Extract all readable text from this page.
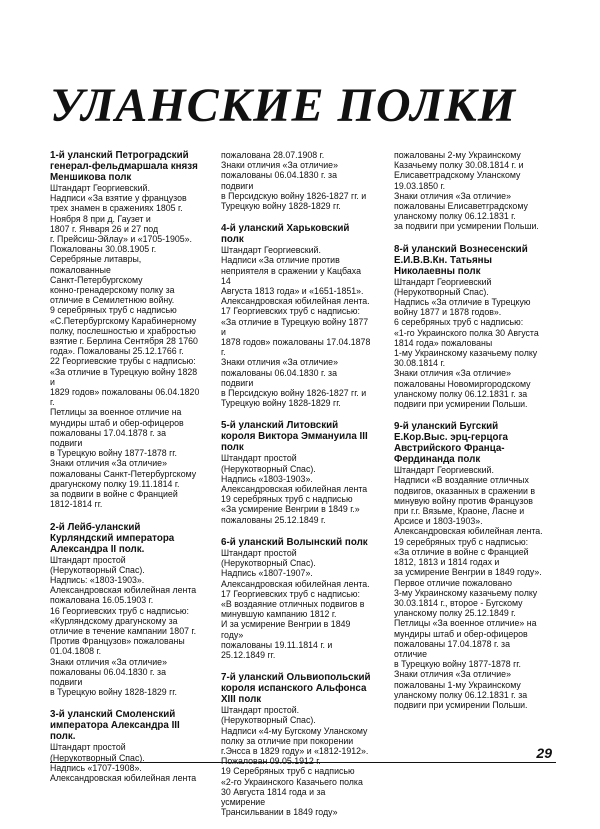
УЛАНСКИЕ ПОЛКИ

1-й уланский Петроградский генерал-фельдмаршала князя Меншикова полк

Штандарт Георгиевский.
Надписи «За взятие у французов
трех знамен в сражениях 1805 г.
Ноября 8 при д. Гаузет и
1807 г. Января 26 и 27 под
г. Прейсиш-Эйлау» и «1705-1905».
Пожалованы 30.08.1905 г.
Серебряные литавры, пожалованные
Санкт-Петербургскому
конно-гренадерскому полку за
отличие в Семилетнюю войну.
9 серебряных труб с надписью
«С.Петербургскому Карабинерному
полку, послешностью и храбростью
взятие г. Берлина Сентября 28 1760
года». Пожалованы 25.12.1766 г.
22 Георгиевские трубы с надписью:
«За отличие в Турецкую войну 1828 и
1829 годов» пожалованы 06.04.1820 г.
Петлицы за военное отличие на
мундиры штаб и обер-офицеров
пожалованы 17.04.1878 г. за подвиги
в Турецкую войну 1877-1878 гг.
Знаки отличия «За отличие»
пожалованы Санкт-Петербургскому
драгунскому полку 19.11.1814 г.
за подвиги в войне с Францией
1812-1814 гг.

2-й Лейб-уланский Курляндский императора Александра II полк.

Штандарт простой
(Нерукотворный Спас).
Надпись: «1803-1903».
Александровская юбилейная лента
пожалована 16.05.1903 г.
16 Георгиевских труб с надписью:
«Курляндскому драгунскому за
отличие в течение кампании 1807 г.
Против Французов» пожалованы
01.04.1808 г.
Знаки отличия «За отличие»
пожалованы 06.04.1830 г. за подвиги
в Турецкую войну 1828-1829 гг.

3-й уланский Смоленский императора Александра III полк.

Штандарт простой
(Нерукотворный Спас).
Надпись «1707-1908».
Александровская юбилейная лента

пожалована 28.07.1908 г.
Знаки отличия «За отличие»
пожалованы 06.04.1830 г. за подвиги
в Персидскую войну 1826-1827 гг. и
Турецкую войну 1828-1829 гг.

4-й уланский Харьковский полк

Штандарт Георгиевский.
Надписи «За отличие против
неприятеля в сражении у Кацбаха 14
Августа 1813 года» и «1651-1851».
Александровская юбилейная лента.
17 Георгиевских труб с надписью:
«За отличие в Турецкую войну 1877 и
1878 годов» пожалованы 17.04.1878 г.
Знаки отличия «За отличие»
пожалованы 06.04.1830 г. за подвиги
в Персидскую войну 1826-1827 гг. и
Турецкую войну 1828-1829 гг.

5-й уланский Литовский короля Виктора Эммануила III полк

Штандарт простой
(Нерукотворный Спас).
Надпись «1803-1903».
Александровская юбилейная лента
19 серебряных труб с надписью
«За усмирение Венгрии в 1849 г.»
пожалованы 25.12.1849 г.

6-й уланский Волынский полк

Штандарт простой
(Нерукотворный Спас).
Надпись «1807-1907».
Александровская юбилейная лента.
17 Георгиевских труб с надписью:
«В воздаяние отличных подвигов в
минувшую кампанию 1812 г.
И за усмирение Венгрии в 1849 году»
пожалованы 19.11.1814 г. и
25.12.1849 гг.

7-й уланский Ольвиопольский короля испанского Альфонса XIII полк

Штандарт простой.
(Нерукотворный Спас).
Надписи «4-му Бугскому Уланскому
полку за отличие при покорении
г.Энсса в 1829 году» и «1812-1912».
Пожалован 09.05.1912 г.
19 Серебряных труб с надписью
«2-го Украинского Казачьего полка
30 Августа 1814 года и за усмирение
Трансильвании в 1849 году»

пожалованы 2-му Украинскому
Казачьему полку 30.08.1814 г. и
Елисаветградскому Уланскому
19.03.1850 г.
Знаки отличия «За отличие»
пожалованы Елисаветградскому
уланскому полку 06.12.1831 г.
за подвиги при усмирении Польши.

8-й уланский Вознесенский Е.И.В.В.Кн. Татьяны Николаевны полк

Штандарт Георгиевский
(Нерукотворный Спас).
Надпись «За отличие в Турецкую
войну 1877 и 1878 годов».
6 серебряных труб с надписью:
«1-го Украинского полка 30 Августа
1814 года» пожалованы
1-му Украинскому казачьему полку
30.08.1814 г.
Знаки отличия «За отличие»
пожалованы Новомиргородскому
уланскому полку 06.12.1831 г. за
подвиги при усмирении Польши.

9-й уланский Бугский Е.Кор.Выс. эрц-герцога Австрийского Франца-Фердинанда полк

Штандарт Георгиевский.
Надписи «В воздаяние отличных
подвигов, оказанных в сражении в
минувую войну против Французов
при г.г. Вязьме, Краоне, Ласне и
Арсисе и 1803-1903».
Александровская юбилейная лента.
19 серебряных труб с надписью:
«За отличие в войне с Францией
1812, 1813 и 1814 годах и
за усмирение Венгрии в 1849 году».
Первое отличие пожаловано
3-му Украинскому казачьему полку
30.03.1814 г., второе - Бугскому
уланскому полку 25.12.1849 г.
Петлицы «За военное отличие» на
мундиры штаб и обер-офицеров
пожалованы 17.04.1878 г. за отличие
в Турецкую войну 1877-1878 гг.
Знаки отличия «За отличие»
пожалованы 1-му Украинскому
уланскому полку 06.12.1831 г. за
подвиги при усмирении Польши.

29
